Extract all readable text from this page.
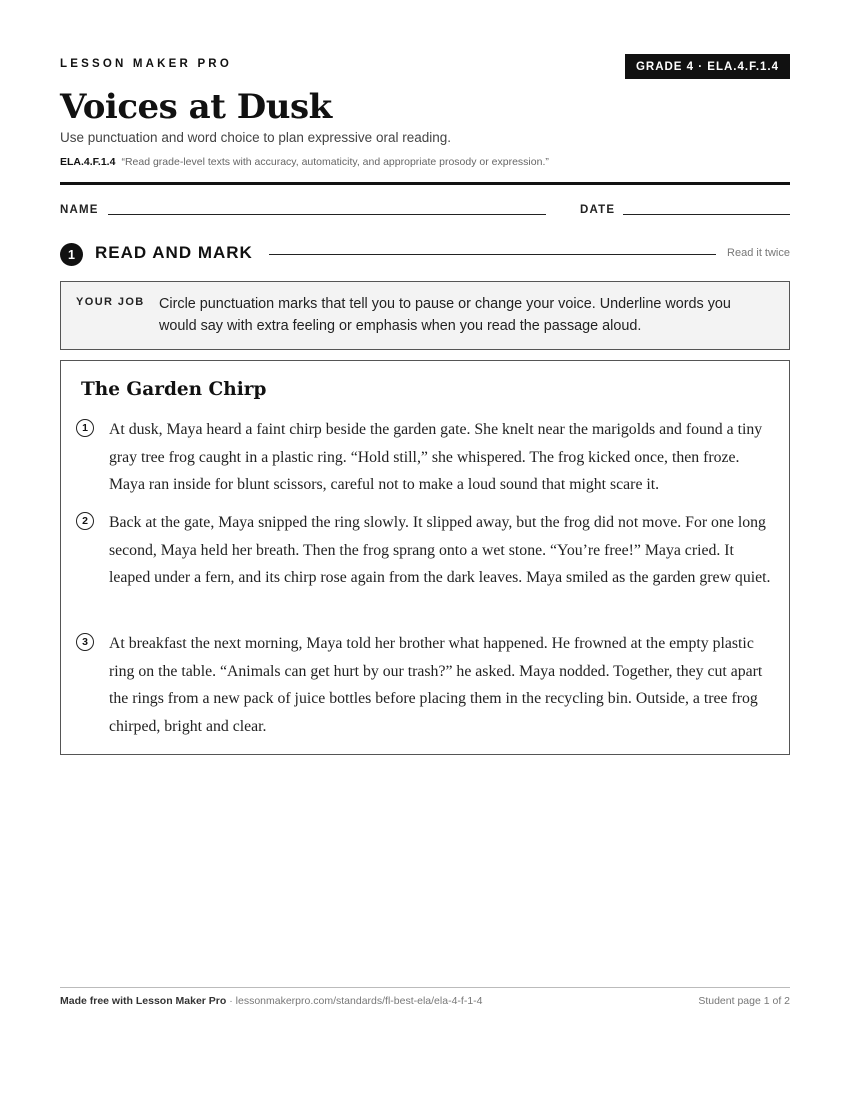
LESSON MAKER PRO	GRADE 4 · ELA.4.F.1.4
Voices at Dusk
Use punctuation and word choice to plan expressive oral reading.
ELA.4.F.1.4 “Read grade-level texts with accuracy, automaticity, and appropriate prosody or expression.”
NAME	DATE
1	READ AND MARK	Read it twice
YOUR JOB Circle punctuation marks that tell you to pause or change your voice. Underline words you would say with extra feeling or emphasis when you read the passage aloud.
The Garden Chirp
1	At dusk, Maya heard a faint chirp beside the garden gate. She knelt near the marigolds and found a tiny gray tree frog caught in a plastic ring. “Hold still,” she whispered. The frog kicked once, then froze. Maya ran inside for blunt scissors, careful not to make a loud sound that might scare it.

2	Back at the gate, Maya snipped the ring slowly. It slipped away, but the frog did not move. For one long second, Maya held her breath. Then the frog sprang onto a wet stone. “You’re free!” Maya cried. It leaped under a fern, and its chirp rose again from the dark leaves. Maya smiled as the garden grew quiet.

3	At breakfast the next morning, Maya told her brother what happened. He frowned at the empty plastic ring on the table. “Animals can get hurt by our trash?” he asked. Maya nodded. Together, they cut apart the rings from a new pack of juice bottles before placing them in the recycling bin. Outside, a tree frog chirped, bright and clear.

Made free with Lesson Maker Pro · lessonmakerpro.com/standards/fl-best-ela/ela-4-f-1-4	Student page 1 of 2
